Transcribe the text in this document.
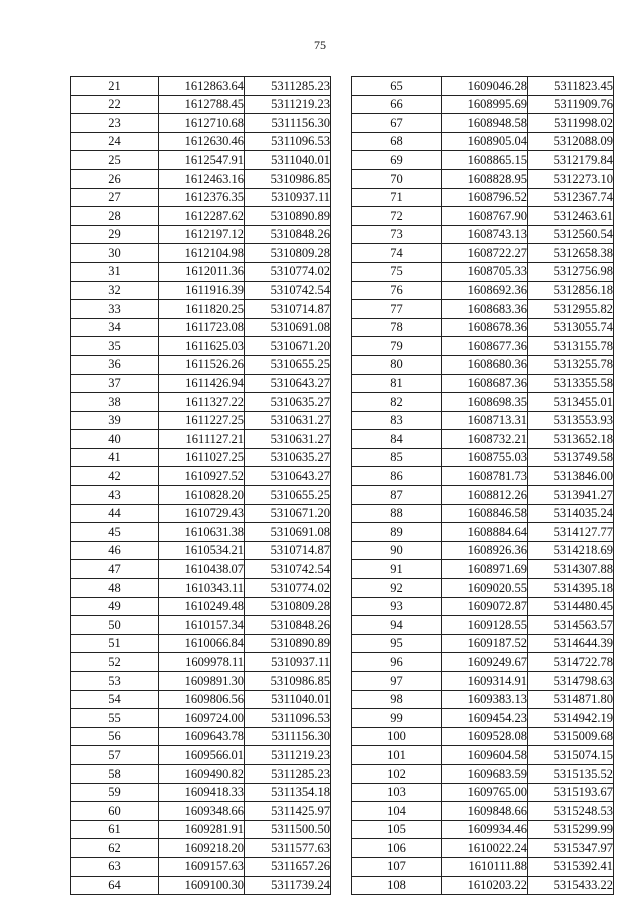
75
21	1612863.64	5311285.23
22	1612788.45	5311219.23
23	1612710.68	5311156.30
24	1612630.46	5311096.53
25	1612547.91	5311040.01
26	1612463.16	5310986.85
27	1612376.35	5310937.11
28	1612287.62	5310890.89
29	1612197.12	5310848.26
30	1612104.98	5310809.28
31	1612011.36	5310774.02
32	1611916.39	5310742.54
33	1611820.25	5310714.87
34	1611723.08	5310691.08
35	1611625.03	5310671.20
36	1611526.26	5310655.25
37	1611426.94	5310643.27
38	1611327.22	5310635.27
39	1611227.25	5310631.27
40	1611127.21	5310631.27
41	1611027.25	5310635.27
42	1610927.52	5310643.27
43	1610828.20	5310655.25
44	1610729.43	5310671.20
45	1610631.38	5310691.08
46	1610534.21	5310714.87
47	1610438.07	5310742.54
48	1610343.11	5310774.02
49	1610249.48	5310809.28
50	1610157.34	5310848.26
51	1610066.84	5310890.89
52	1609978.11	5310937.11
53	1609891.30	5310986.85
54	1609806.56	5311040.01
55	1609724.00	5311096.53
56	1609643.78	5311156.30
57	1609566.01	5311219.23
58	1609490.82	5311285.23
59	1609418.33	5311354.18
60	1609348.66	5311425.97
61	1609281.91	5311500.50
62	1609218.20	5311577.63
63	1609157.63	5311657.26
64	1609100.30	5311739.24
65	1609046.28	5311823.45
66	1608995.69	5311909.76
67	1608948.58	5311998.02
68	1608905.04	5312088.09
69	1608865.15	5312179.84
70	1608828.95	5312273.10
71	1608796.52	5312367.74
72	1608767.90	5312463.61
73	1608743.13	5312560.54
74	1608722.27	5312658.38
75	1608705.33	5312756.98
76	1608692.36	5312856.18
77	1608683.36	5312955.82
78	1608678.36	5313055.74
79	1608677.36	5313155.78
80	1608680.36	5313255.78
81	1608687.36	5313355.58
82	1608698.35	5313455.01
83	1608713.31	5313553.93
84	1608732.21	5313652.18
85	1608755.03	5313749.58
86	1608781.73	5313846.00
87	1608812.26	5313941.27
88	1608846.58	5314035.24
89	1608884.64	5314127.77
90	1608926.36	5314218.69
91	1608971.69	5314307.88
92	1609020.55	5314395.18
93	1609072.87	5314480.45
94	1609128.55	5314563.57
95	1609187.52	5314644.39
96	1609249.67	5314722.78
97	1609314.91	5314798.63
98	1609383.13	5314871.80
99	1609454.23	5314942.19
100	1609528.08	5315009.68
101	1609604.58	5315074.15
102	1609683.59	5315135.52
103	1609765.00	5315193.67
104	1609848.66	5315248.53
105	1609934.46	5315299.99
106	1610022.24	5315347.97
107	1610111.88	5315392.41
108	1610203.22	5315433.22
